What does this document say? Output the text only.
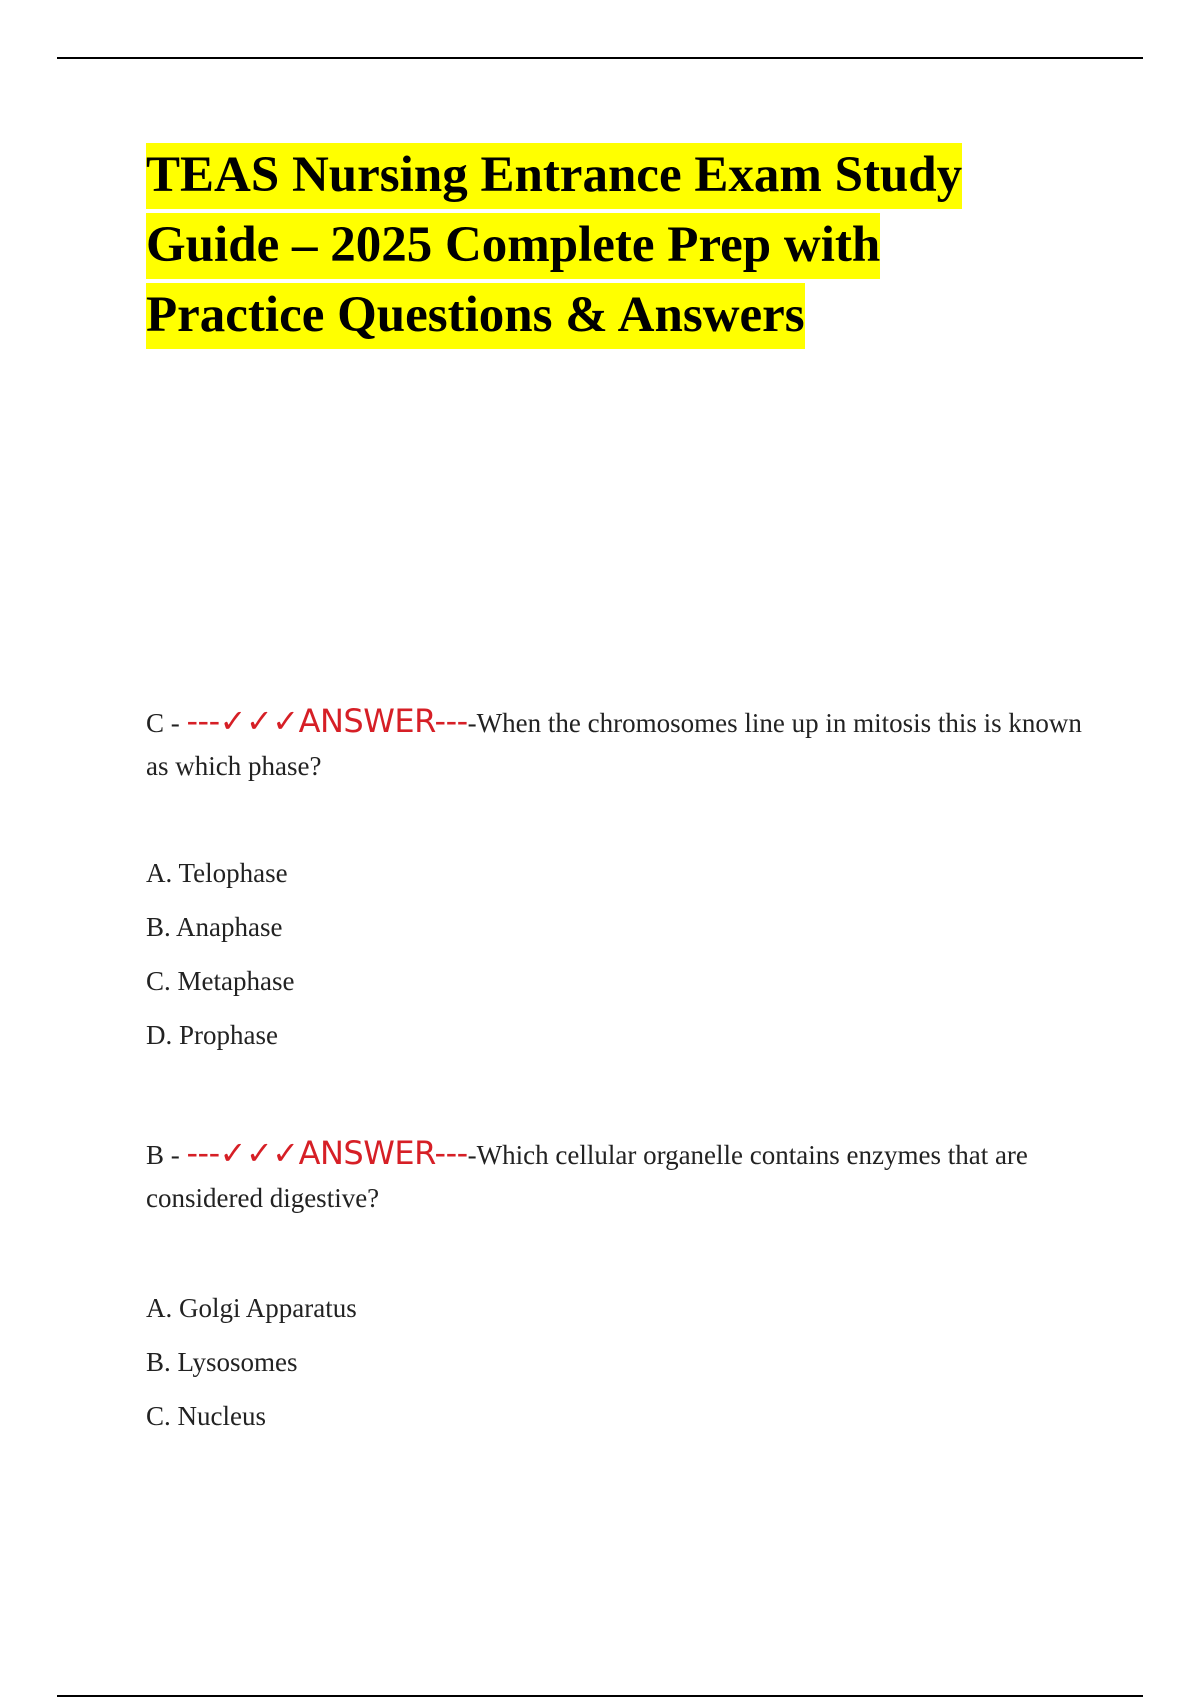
TEAS Nursing Entrance Exam Study
Guide – 2025 Complete Prep with
Practice Questions & Answers

C - ---✓✓✓ANSWER----When the chromosomes line up in mitosis this is known as which phase?

A. Telophase
B. Anaphase
C. Metaphase
D. Prophase

B - ---✓✓✓ANSWER----Which cellular organelle contains enzymes that are considered digestive?

A. Golgi Apparatus
B. Lysosomes
C. Nucleus
